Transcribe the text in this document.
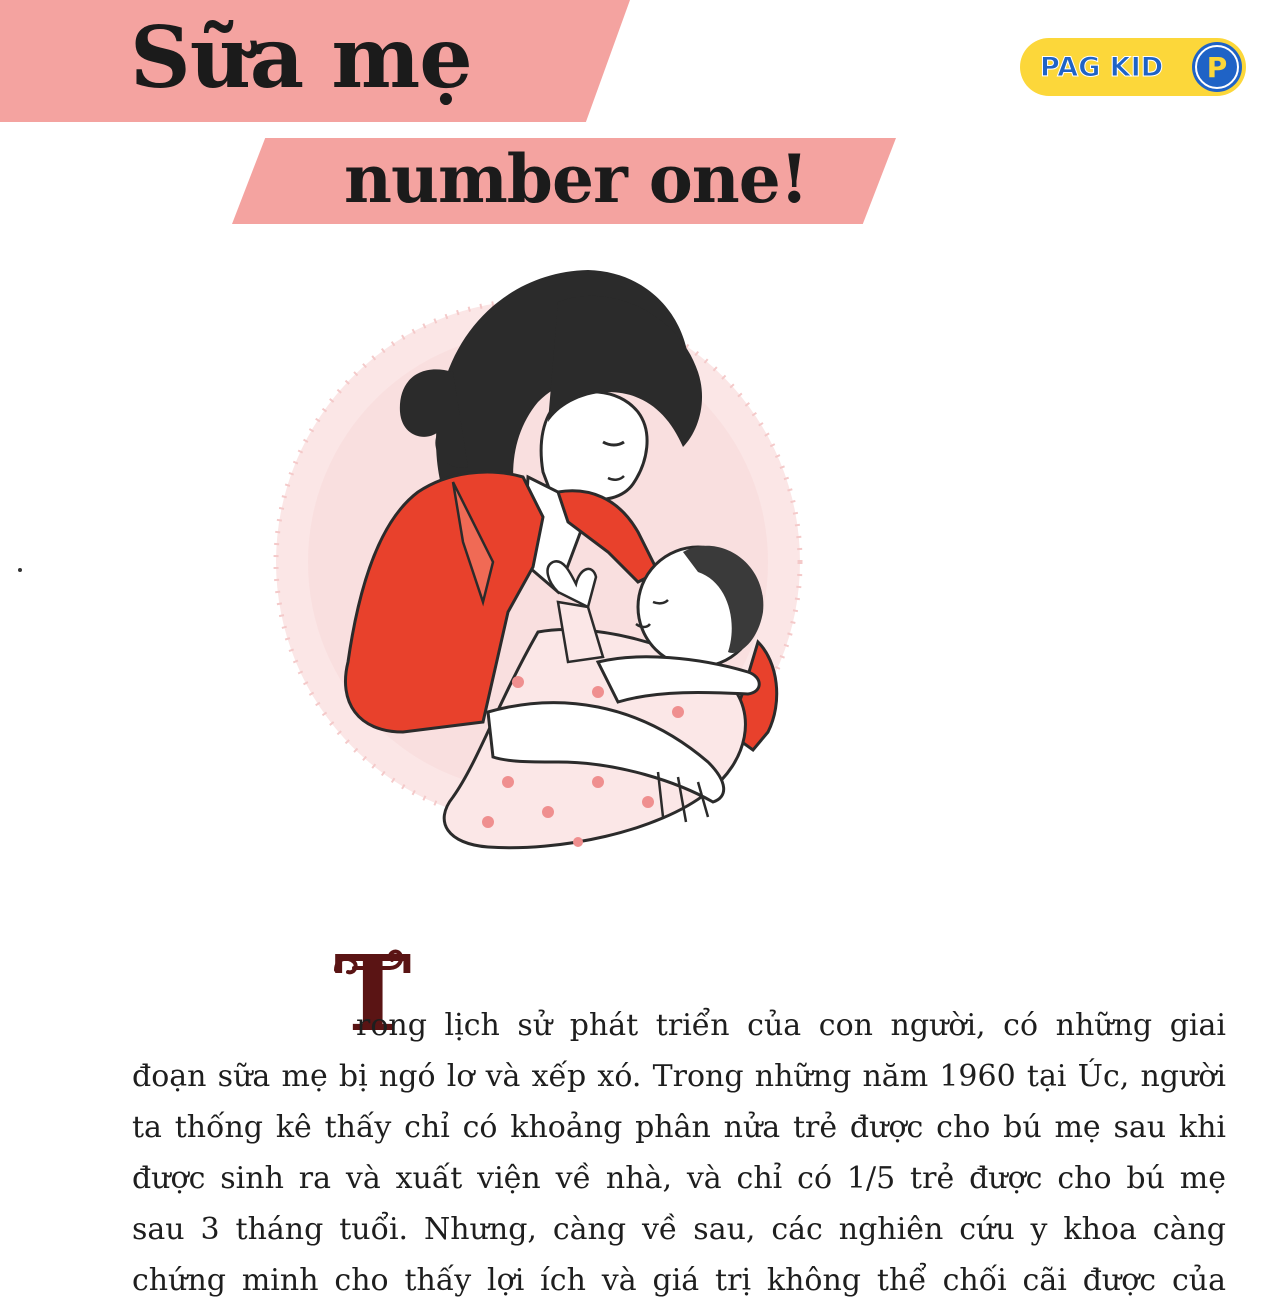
Sữa mẹ
number one!
PAG KID P
T
rong lịch sử phát triển của con người, có những giai
đoạn sữa mẹ bị ngó lơ và xếp xó. Trong những năm 1960 tại Úc, người
ta thống kê thấy chỉ có khoảng phân nửa trẻ được cho bú mẹ sau khi
được sinh ra và xuất viện về nhà, và chỉ có 1/5 trẻ được cho bú mẹ
sau 3 tháng tuổi. Nhưng, càng về sau, các nghiên cứu y khoa càng
chứng minh cho thấy lợi ích và giá trị không thể chối cãi được của
